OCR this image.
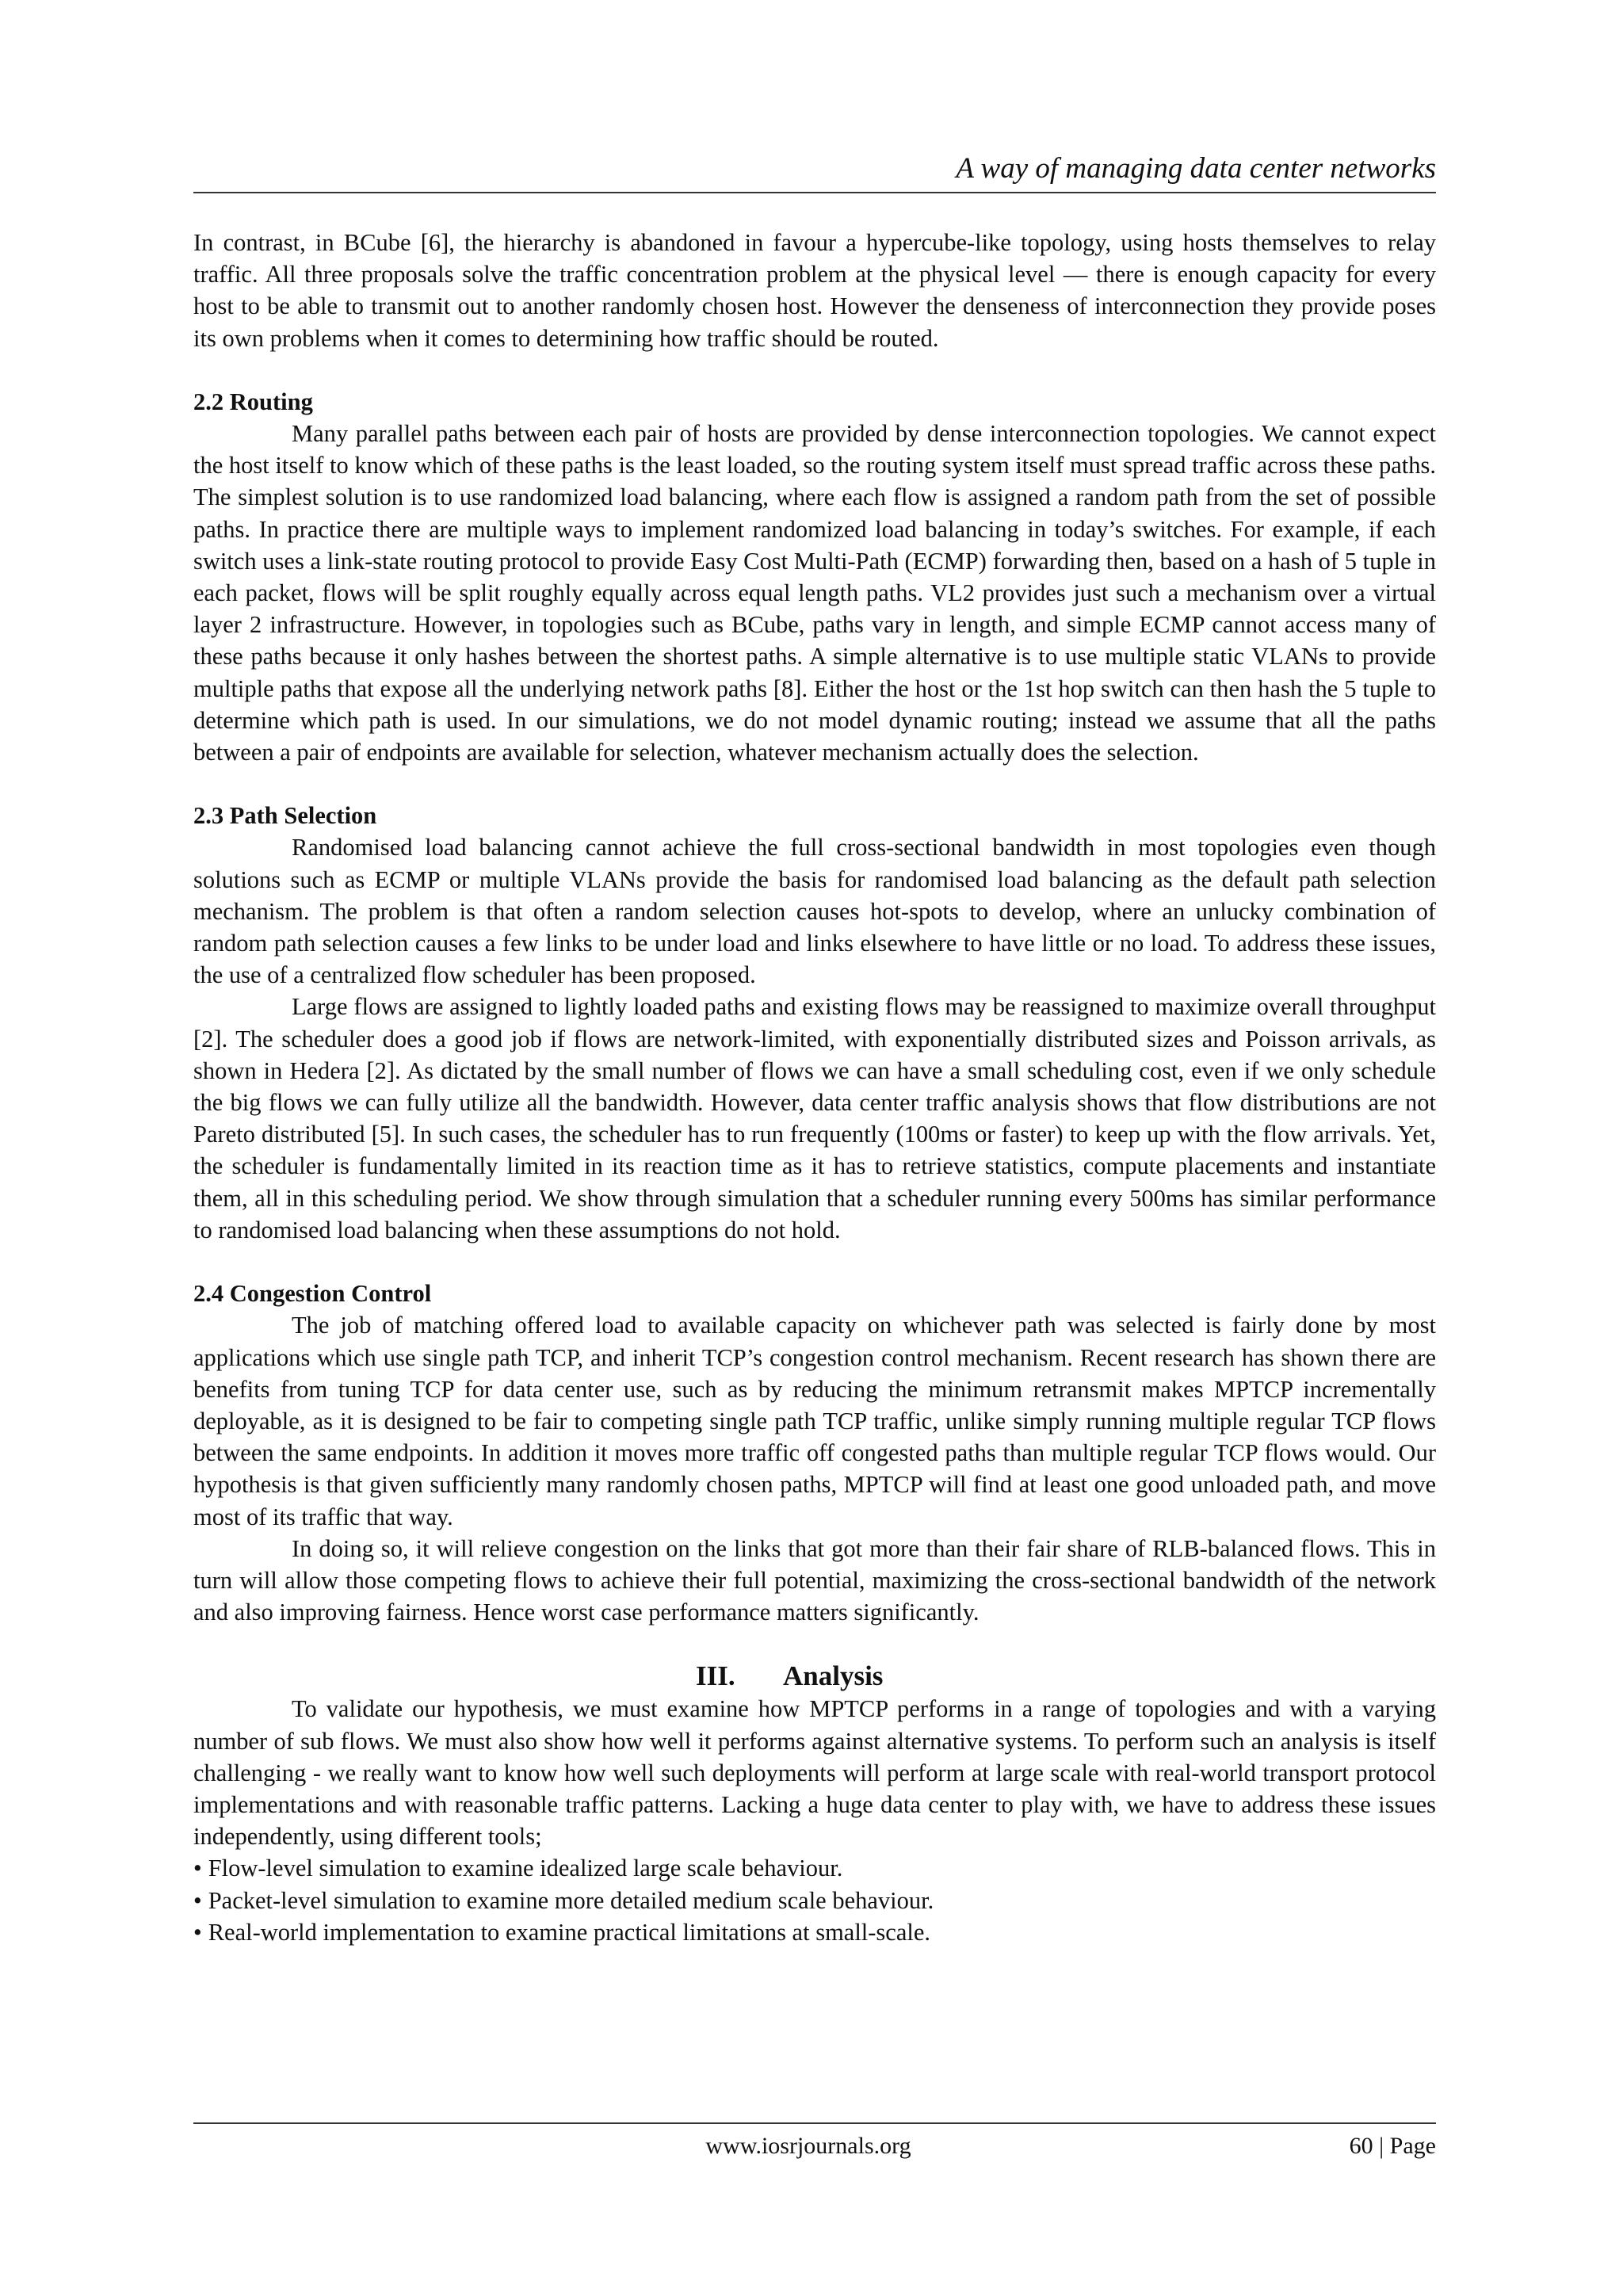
A way of managing data center networks

In contrast, in BCube [6], the hierarchy is abandoned in favour a hypercube-like topology, using hosts themselves to relay traffic. All three proposals solve the traffic concentration problem at the physical level — there is enough capacity for every host to be able to transmit out to another randomly chosen host. However the denseness of interconnection they provide poses its own problems when it comes to determining how traffic should be routed.

2.2 Routing

Many parallel paths between each pair of hosts are provided by dense interconnection topologies. We cannot expect the host itself to know which of these paths is the least loaded, so the routing system itself must spread traffic across these paths. The simplest solution is to use randomized load balancing, where each flow is assigned a random path from the set of possible paths. In practice there are multiple ways to implement randomized load balancing in today’s switches. For example, if each switch uses a link-state routing protocol to provide Easy Cost Multi-Path (ECMP) forwarding then, based on a hash of 5 tuple in each packet, flows will be split roughly equally across equal length paths. VL2 provides just such a mechanism over a virtual layer 2 infrastructure. However, in topologies such as BCube, paths vary in length, and simple ECMP cannot access many of these paths because it only hashes between the shortest paths. A simple alternative is to use multiple static VLANs to provide multiple paths that expose all the underlying network paths [8]. Either the host or the 1st hop switch can then hash the 5 tuple to determine which path is used. In our simulations, we do not model dynamic routing; instead we assume that all the paths between a pair of endpoints are available for selection, whatever mechanism actually does the selection.

2.3 Path Selection

Randomised load balancing cannot achieve the full cross-sectional bandwidth in most topologies even though solutions such as ECMP or multiple VLANs provide the basis for randomised load balancing as the default path selection mechanism. The problem is that often a random selection causes hot-spots to develop, where an unlucky combination of random path selection causes a few links to be under load and links elsewhere to have little or no load. To address these issues, the use of a centralized flow scheduler has been proposed.

Large flows are assigned to lightly loaded paths and existing flows may be reassigned to maximize overall throughput [2]. The scheduler does a good job if flows are network-limited, with exponentially distributed sizes and Poisson arrivals, as shown in Hedera [2]. As dictated by the small number of flows we can have a small scheduling cost, even if we only schedule the big flows we can fully utilize all the bandwidth. However, data center traffic analysis shows that flow distributions are not Pareto distributed [5]. In such cases, the scheduler has to run frequently (100ms or faster) to keep up with the flow arrivals. Yet, the scheduler is fundamentally limited in its reaction time as it has to retrieve statistics, compute placements and instantiate them, all in this scheduling period. We show through simulation that a scheduler running every 500ms has similar performance to randomised load balancing when these assumptions do not hold.

2.4 Congestion Control

The job of matching offered load to available capacity on whichever path was selected is fairly done by most applications which use single path TCP, and inherit TCP’s congestion control mechanism. Recent research has shown there are benefits from tuning TCP for data center use, such as by reducing the minimum retransmit makes MPTCP incrementally deployable, as it is designed to be fair to competing single path TCP traffic, unlike simply running multiple regular TCP flows between the same endpoints. In addition it moves more traffic off congested paths than multiple regular TCP flows would. Our hypothesis is that given sufficiently many randomly chosen paths, MPTCP will find at least one good unloaded path, and move most of its traffic that way.

In doing so, it will relieve congestion on the links that got more than their fair share of RLB-balanced flows. This in turn will allow those competing flows to achieve their full potential, maximizing the cross-sectional bandwidth of the network and also improving fairness. Hence worst case performance matters significantly.

III. Analysis

To validate our hypothesis, we must examine how MPTCP performs in a range of topologies and with a varying number of sub flows. We must also show how well it performs against alternative systems. To perform such an analysis is itself challenging - we really want to know how well such deployments will perform at large scale with real-world transport protocol implementations and with reasonable traffic patterns. Lacking a huge data center to play with, we have to address these issues independently, using different tools;

• Flow-level simulation to examine idealized large scale behaviour.
• Packet-level simulation to examine more detailed medium scale behaviour.
• Real-world implementation to examine practical limitations at small-scale.
www.iosrjournals.org	60 | Page
